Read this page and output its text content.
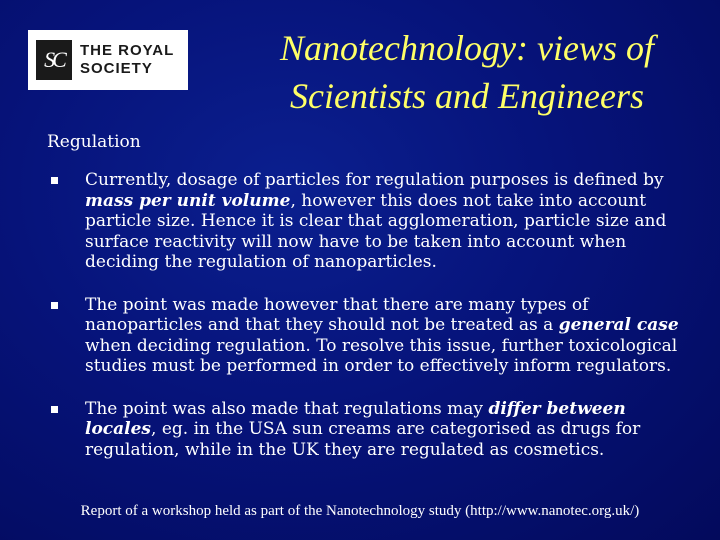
SC	THE ROYAL
SOCIETY
Nanotechnology: views of
Scientists and Engineers
Regulation
Currently, dosage of particles for regulation purposes is defined by mass per unit volume, however this does not take into account particle size. Hence it is clear that agglomeration, particle size and surface reactivity will now have to be taken into account when deciding the regulation of nanoparticles.
The point was made however that there are many types of nanoparticles and that they should not be treated as a general case when deciding regulation. To resolve this issue, further toxicological studies must be performed in order to effectively inform regulators.
The point was also made that regulations may differ between locales, eg. in the USA sun creams are categorised as drugs for regulation, while in the UK they are regulated as cosmetics.
Report of a workshop held as part of the Nanotechnology study (http://www.nanotec.org.uk/)
